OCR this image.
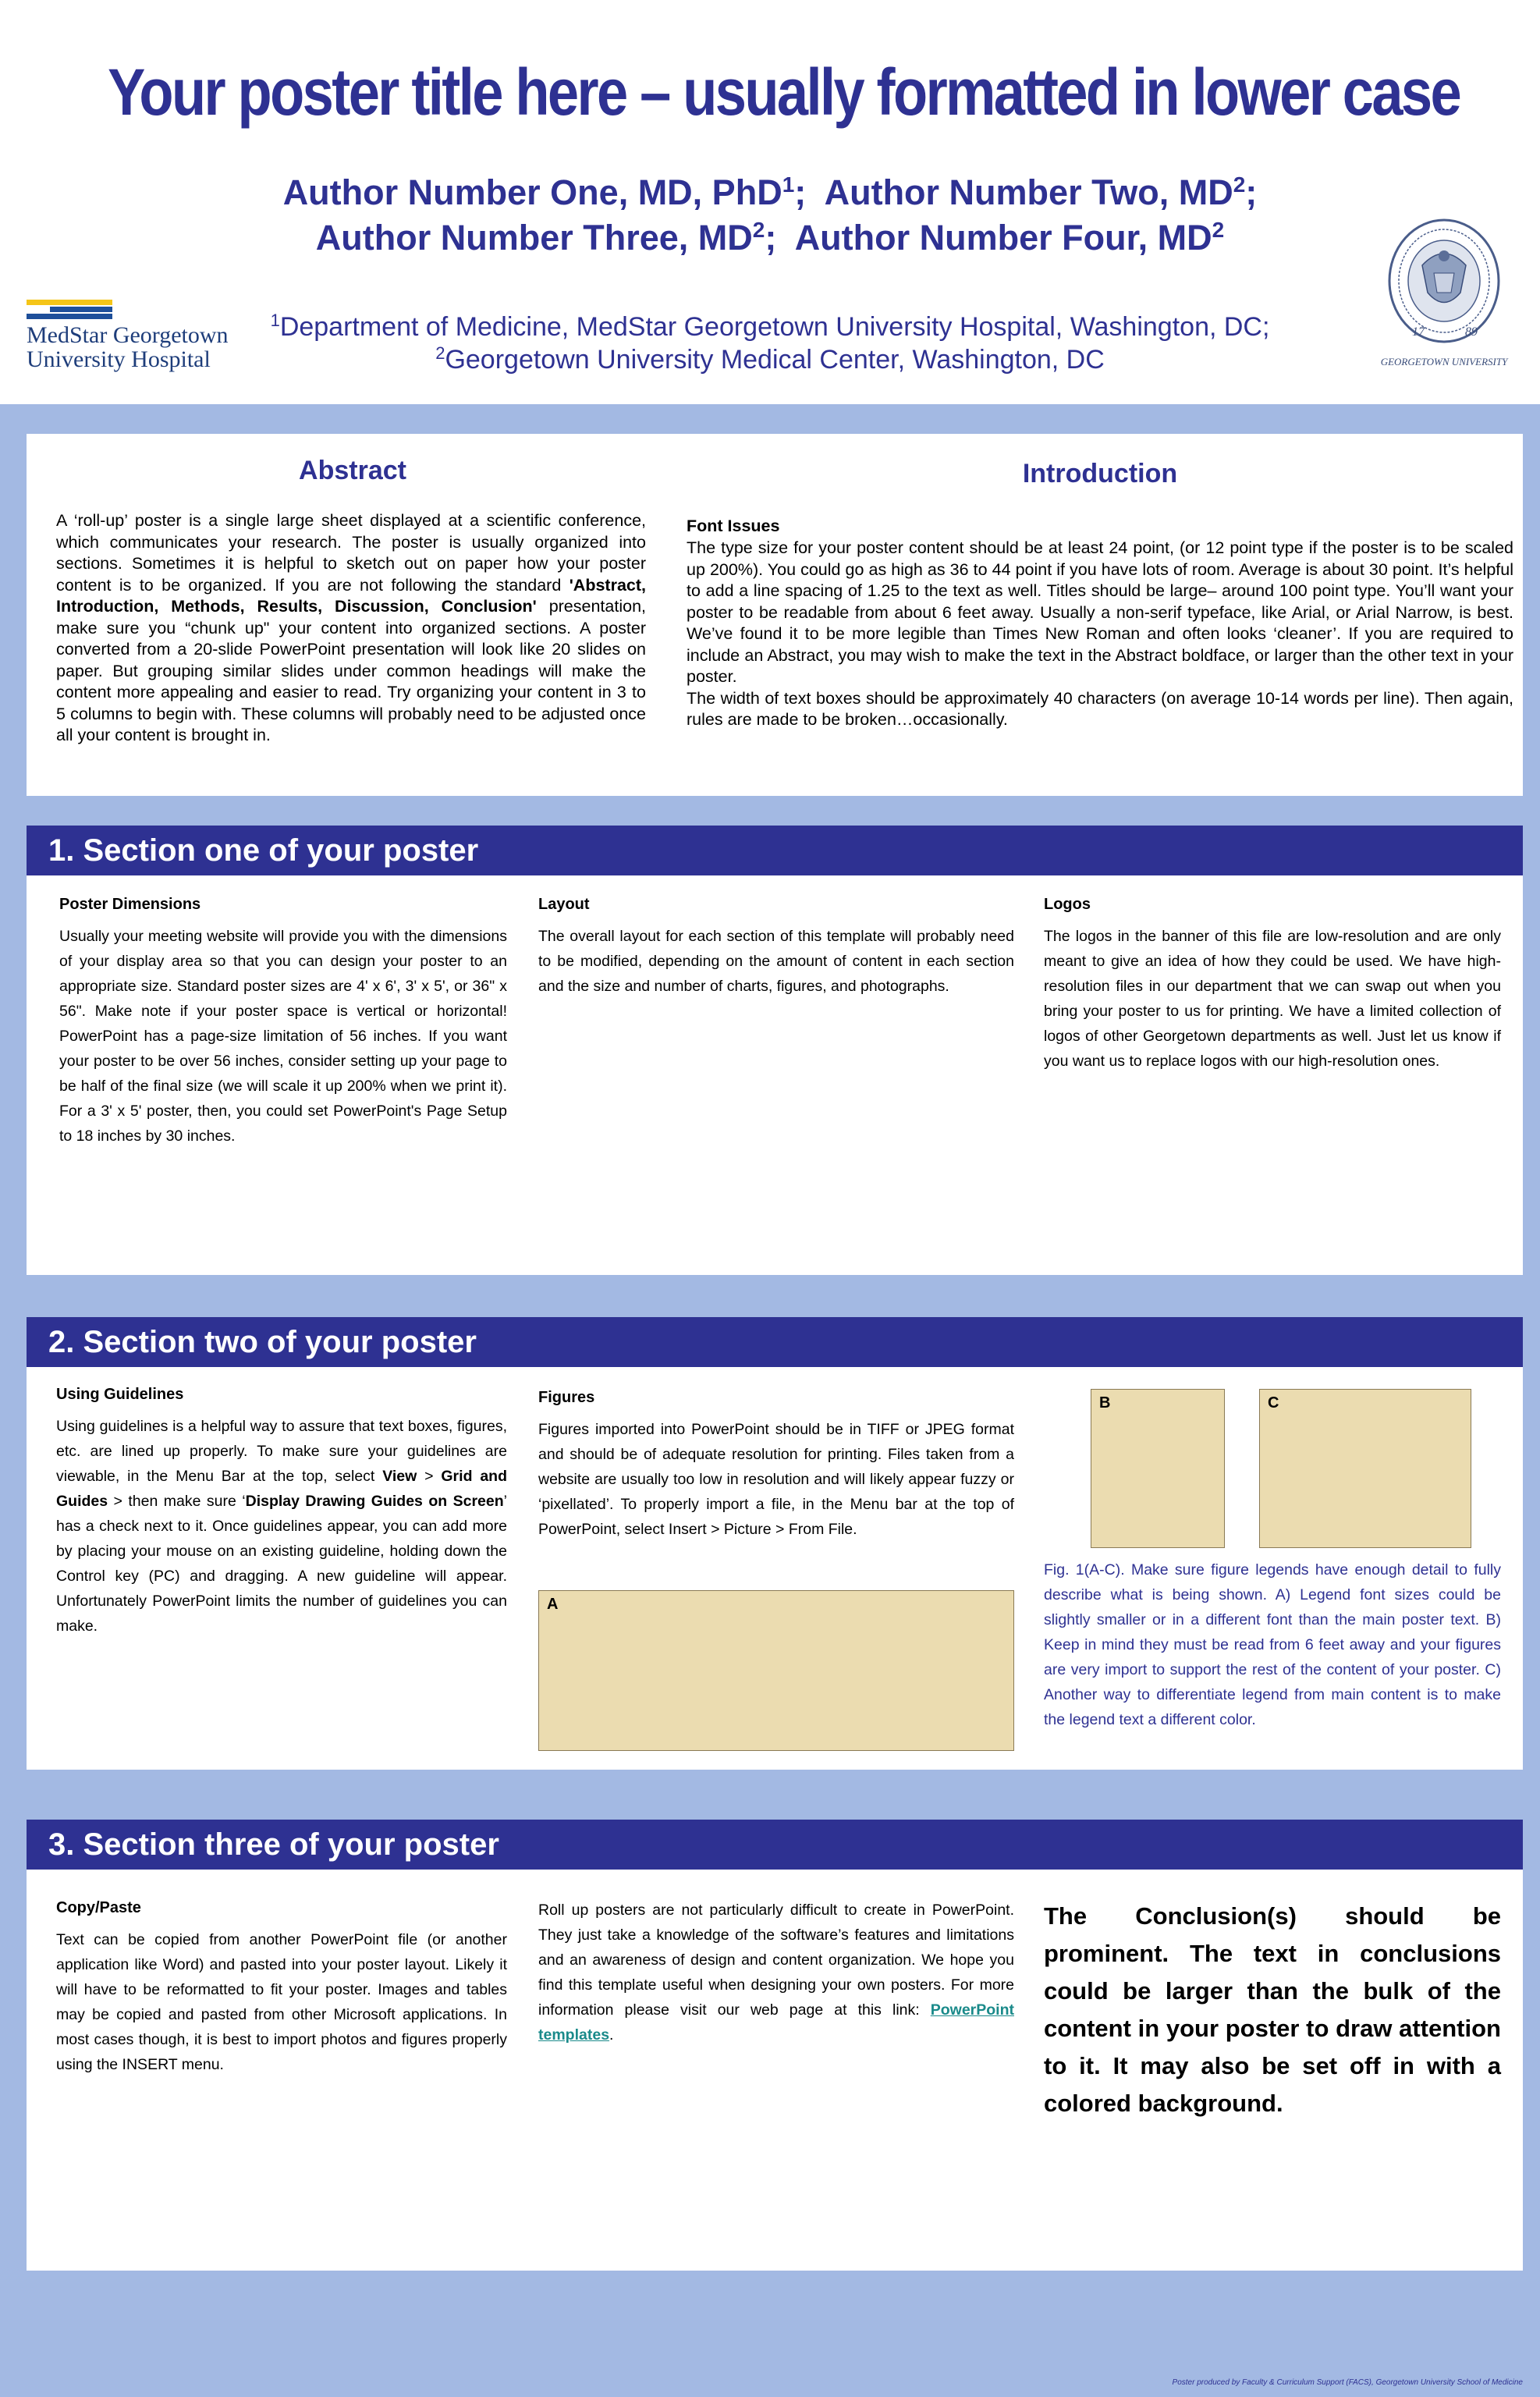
Your poster title here – usually formatted in lower case
Author Number One, MD, PhD$^1$;  Author Number Two, $MD^2$;
Author Number Three, $MD^2$;  Author Number Four, $MD^2$
$^1$Department of Medicine, MedStar Georgetown University Hospital, Washington, DC;
$^2$Georgetown University Medical Center, Washington, DC
MedStar Georgetown
University Hospital
17	89
GEORGETOWN UNIVERSITY
Abstract
A ‘roll-up’ poster is a single large sheet displayed at a scientific conference, which communicates your research. The poster is usually organized into sections. Sometimes it is helpful to sketch out on paper how your poster content is to be organized. If you are not following the standard 'Abstract, Introduction, Methods, Results, Discussion, Conclusion' presentation, make sure you “chunk up" your content into organized sections. A poster converted from a 20-slide PowerPoint presentation will look like 20 slides on paper. But grouping similar slides under common headings will make the content more appealing and easier to read. Try organizing your content in 3 to 5 columns to begin with. These columns will probably need to be adjusted once all your content is brought in.
Introduction
Font Issues

The type size for your poster content should be at least 24 point, (or 12 point type if the poster is to be scaled up 200%). You could go as high as 36 to 44 point if you have lots of room. Average is about 30 point. It’s helpful to add a line spacing of 1.25 to the text as well. Titles should be large– around 100 point type. You’ll want your poster to be readable from about 6 feet away. Usually a non-serif typeface, like Arial, or Arial Narrow, is best. We’ve found it to be more legible than Times New Roman and often looks ‘cleaner’. If you are required to include an Abstract, you may wish to make the text in the Abstract boldface, or larger than the other text in your poster.

The width of text boxes should be approximately 40 characters (on average 10-14 words per line). Then again, rules are made to be broken…occasionally.

1. Section one of your poster
Poster Dimensions
Usually your meeting website will provide you with the dimensions of your display area so that you can design your poster to an appropriate size. Standard poster sizes are 4' x 6', 3' x 5', or 36" x 56". Make note if your poster space is vertical or horizontal! PowerPoint has a page-size limitation of 56 inches. If you want your poster to be over 56 inches, consider setting up your page to be half of the final size (we will scale it up 200% when we print it). For a 3' x 5' poster, then, you could set PowerPoint's Page Setup to 18 inches by 30 inches.
Layout
The overall layout for each section of this template will probably need to be modified, depending on the amount of content in each section and the size and number of charts, figures, and photographs.
Logos
The logos in the banner of this file are low-resolution and are only meant to give an idea of how they could be used. We have high-resolution files in our department that we can swap out when you bring your poster to us for printing. We have a limited collection of logos of other Georgetown departments as well. Just let us know if you want us to replace logos with our high-resolution ones.
2. Section two of your poster
Using Guidelines
Using guidelines is a helpful way to assure that text boxes, figures, etc. are lined up properly. To make sure your guidelines are viewable, in the Menu Bar at the top, select View > Grid and Guides > then make sure ‘Display Drawing Guides on Screen’ has a check next to it. Once guidelines appear, you can add more by placing your mouse on an existing guideline, holding down the Control key (PC) and dragging. A new guideline will appear. Unfortunately PowerPoint limits the number of guidelines you can make.
Figures
Figures imported into PowerPoint should be in TIFF or JPEG format and should be of adequate resolution for printing. Files taken from a website are usually too low in resolution and will likely appear fuzzy or ‘pixellated’. To properly import a file, in the Menu bar at the top of PowerPoint, select Insert > Picture > From File.
A
B	C
Fig. 1(A-C). Make sure figure legends have enough detail to fully describe what is being shown. A) Legend font sizes could be slightly smaller or in a different font than the main poster text. B) Keep in mind they must be read from 6 feet away and your figures are very import to support the rest of the content of your poster. C) Another way to differentiate legend from main content is to make the legend text a different color.
3. Section three of your poster
Copy/Paste
Text can be copied from another PowerPoint file (or another application like Word) and pasted into your poster layout. Likely it will have to be reformatted to fit your poster. Images and tables may be copied and pasted from other Microsoft applications. In most cases though, it is best to import photos and figures properly using the INSERT menu.
Roll up posters are not particularly difficult to create in PowerPoint. They just take a knowledge of the software’s features and limitations and an awareness of design and content organization. We hope you find this template useful when designing your own posters. For more information please visit our web page at this link: PowerPoint templates.
The Conclusion(s) should be prominent. The text in conclusions could be larger than the bulk of the content in your poster to draw attention to it. It may also be set off in with a colored background.
Poster produced by Faculty & Curriculum Support (FACS), Georgetown University School of Medicine
